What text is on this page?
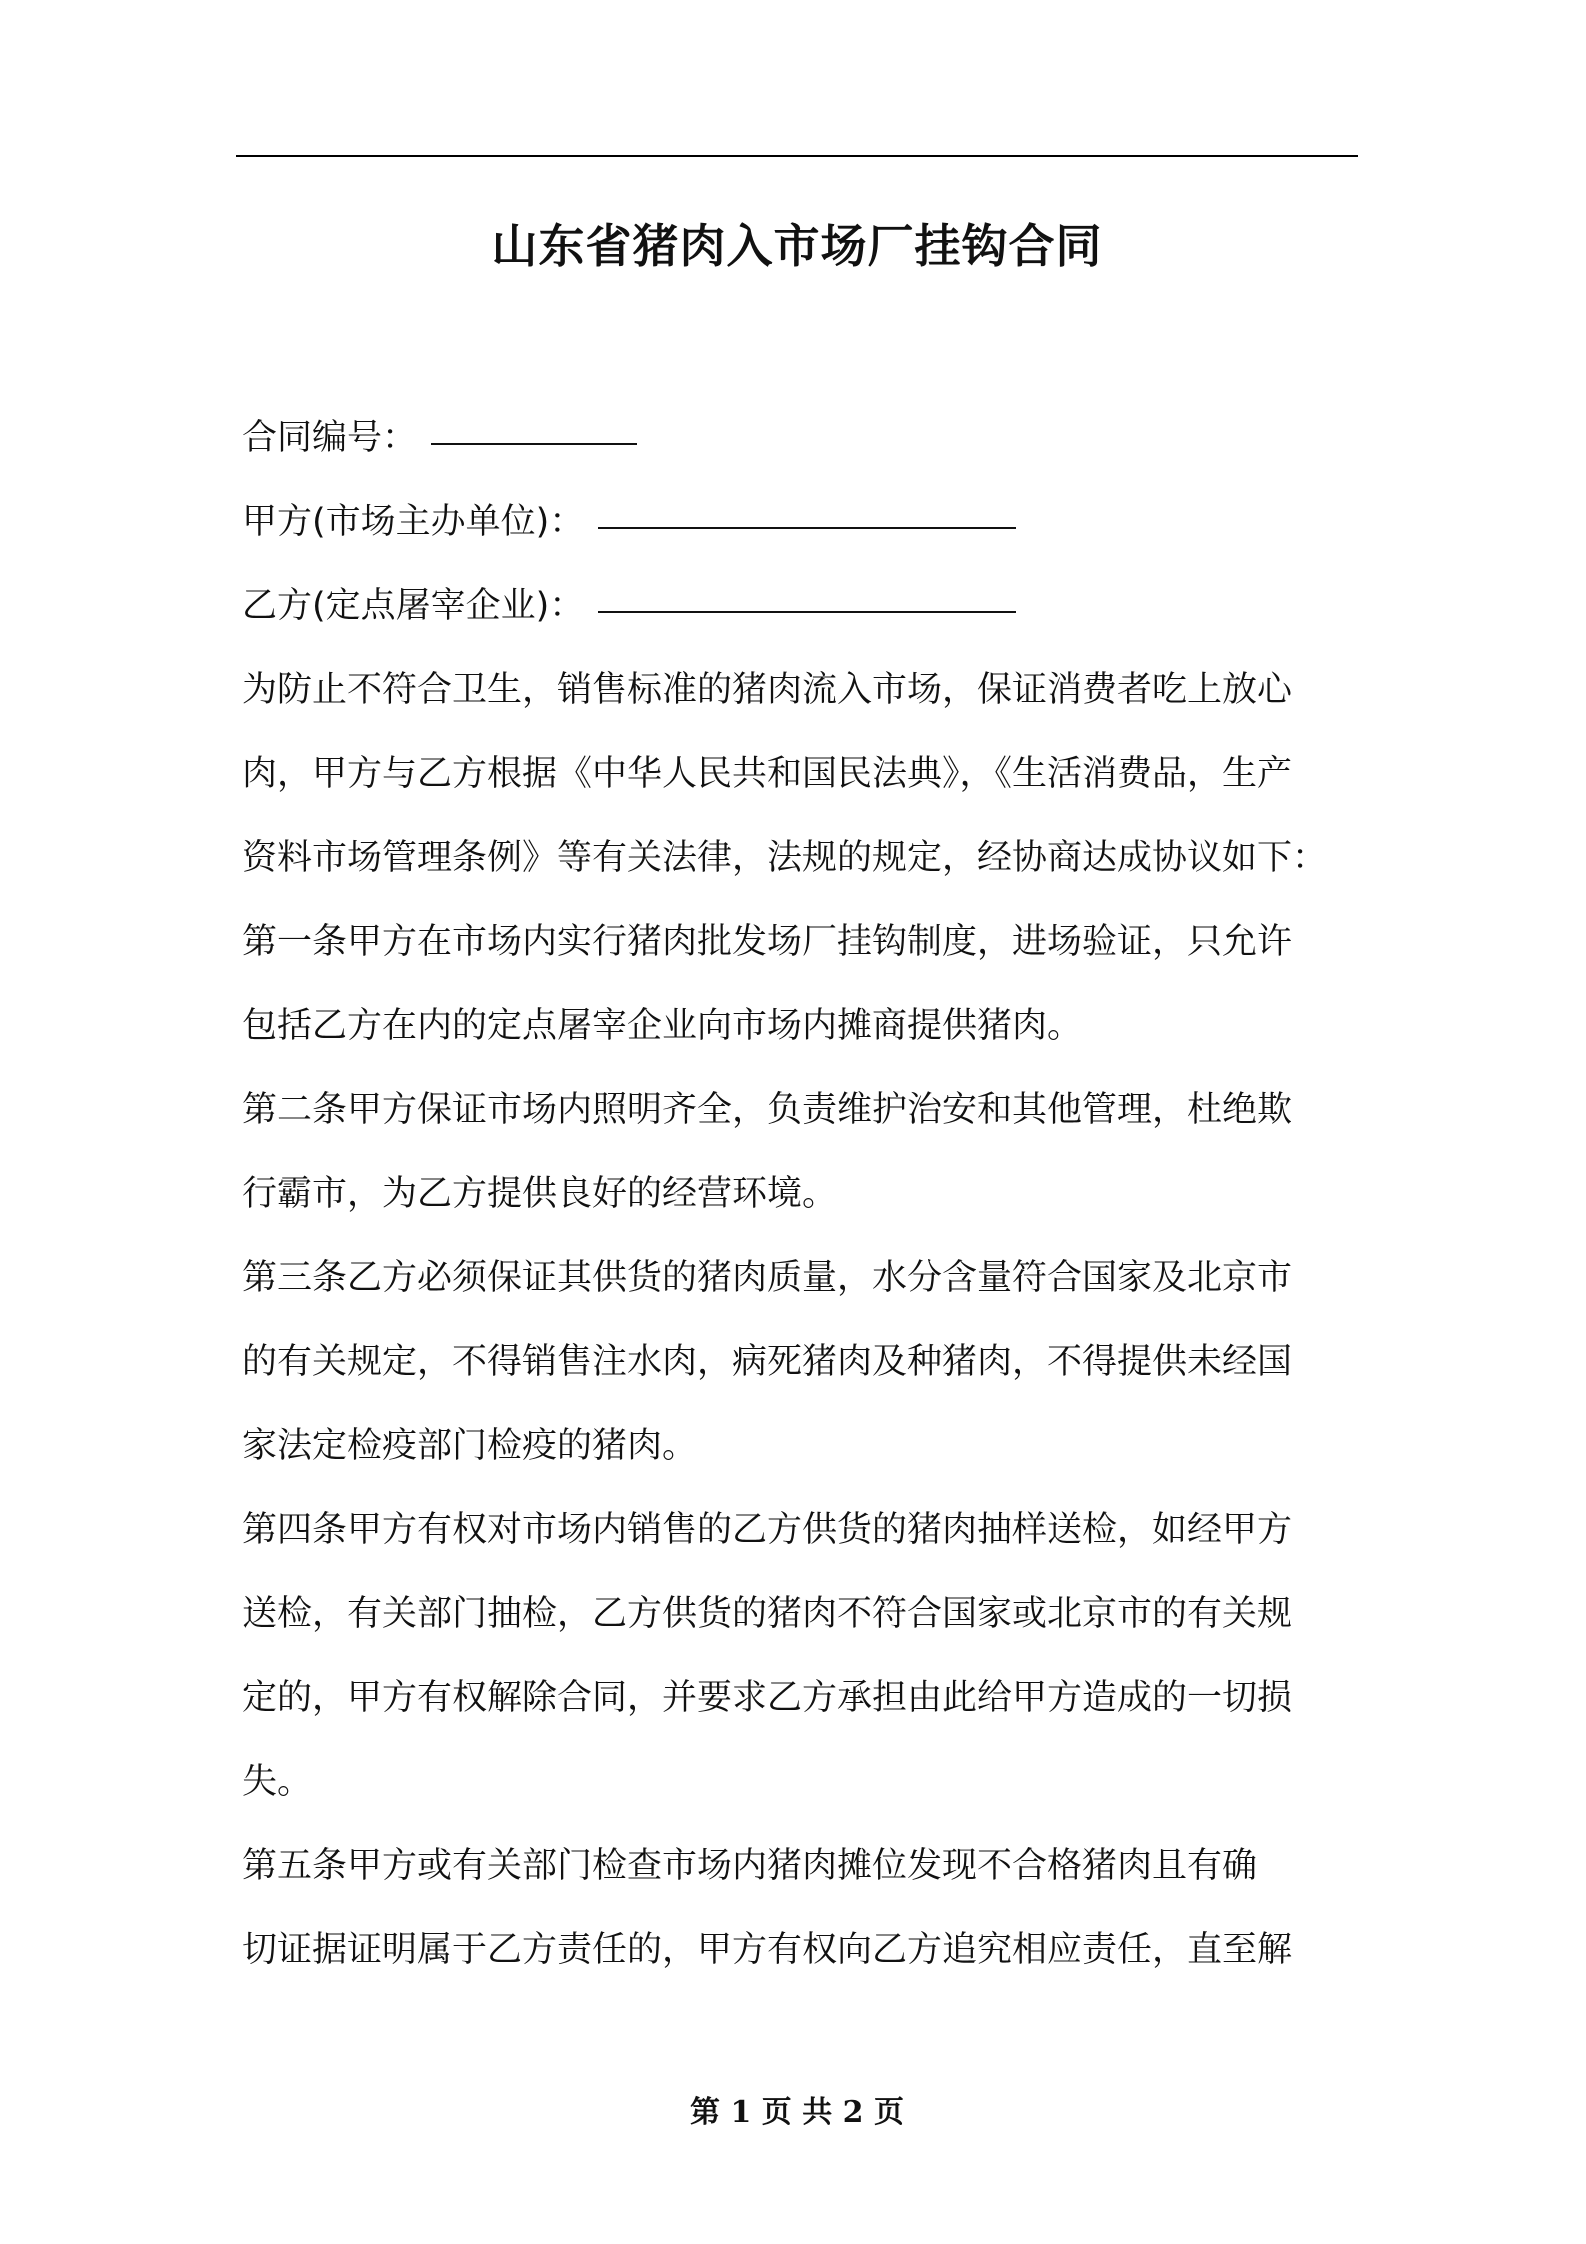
山东省猪肉入市场厂挂钩合同
合同编号：
甲方(市场主办单位)：
乙方(定点屠宰企业)：
为防止不符合卫生，销售标准的猪肉流入市场，保证消费者吃上放心
肉，甲方与乙方根据《中华人民共和国民法典》，《生活消费品，生产
资料市场管理条例》等有关法律，法规的规定，经协商达成协议如下：
第一条甲方在市场内实行猪肉批发场厂挂钩制度，进场验证，只允许
包括乙方在内的定点屠宰企业向市场内摊商提供猪肉。
第二条甲方保证市场内照明齐全，负责维护治安和其他管理，杜绝欺
行霸市，为乙方提供良好的经营环境。
第三条乙方必须保证其供货的猪肉质量，水分含量符合国家及北京市
的有关规定，不得销售注水肉，病死猪肉及种猪肉，不得提供未经国
家法定检疫部门检疫的猪肉。
第四条甲方有权对市场内销售的乙方供货的猪肉抽样送检，如经甲方
送检，有关部门抽检，乙方供货的猪肉不符合国家或北京市的有关规
定的，甲方有权解除合同，并要求乙方承担由此给甲方造成的一切损
失。
第五条甲方或有关部门检查市场内猪肉摊位发现不合格猪肉且有确
切证据证明属于乙方责任的，甲方有权向乙方追究相应责任，直至解
第 1 页 共 2 页
